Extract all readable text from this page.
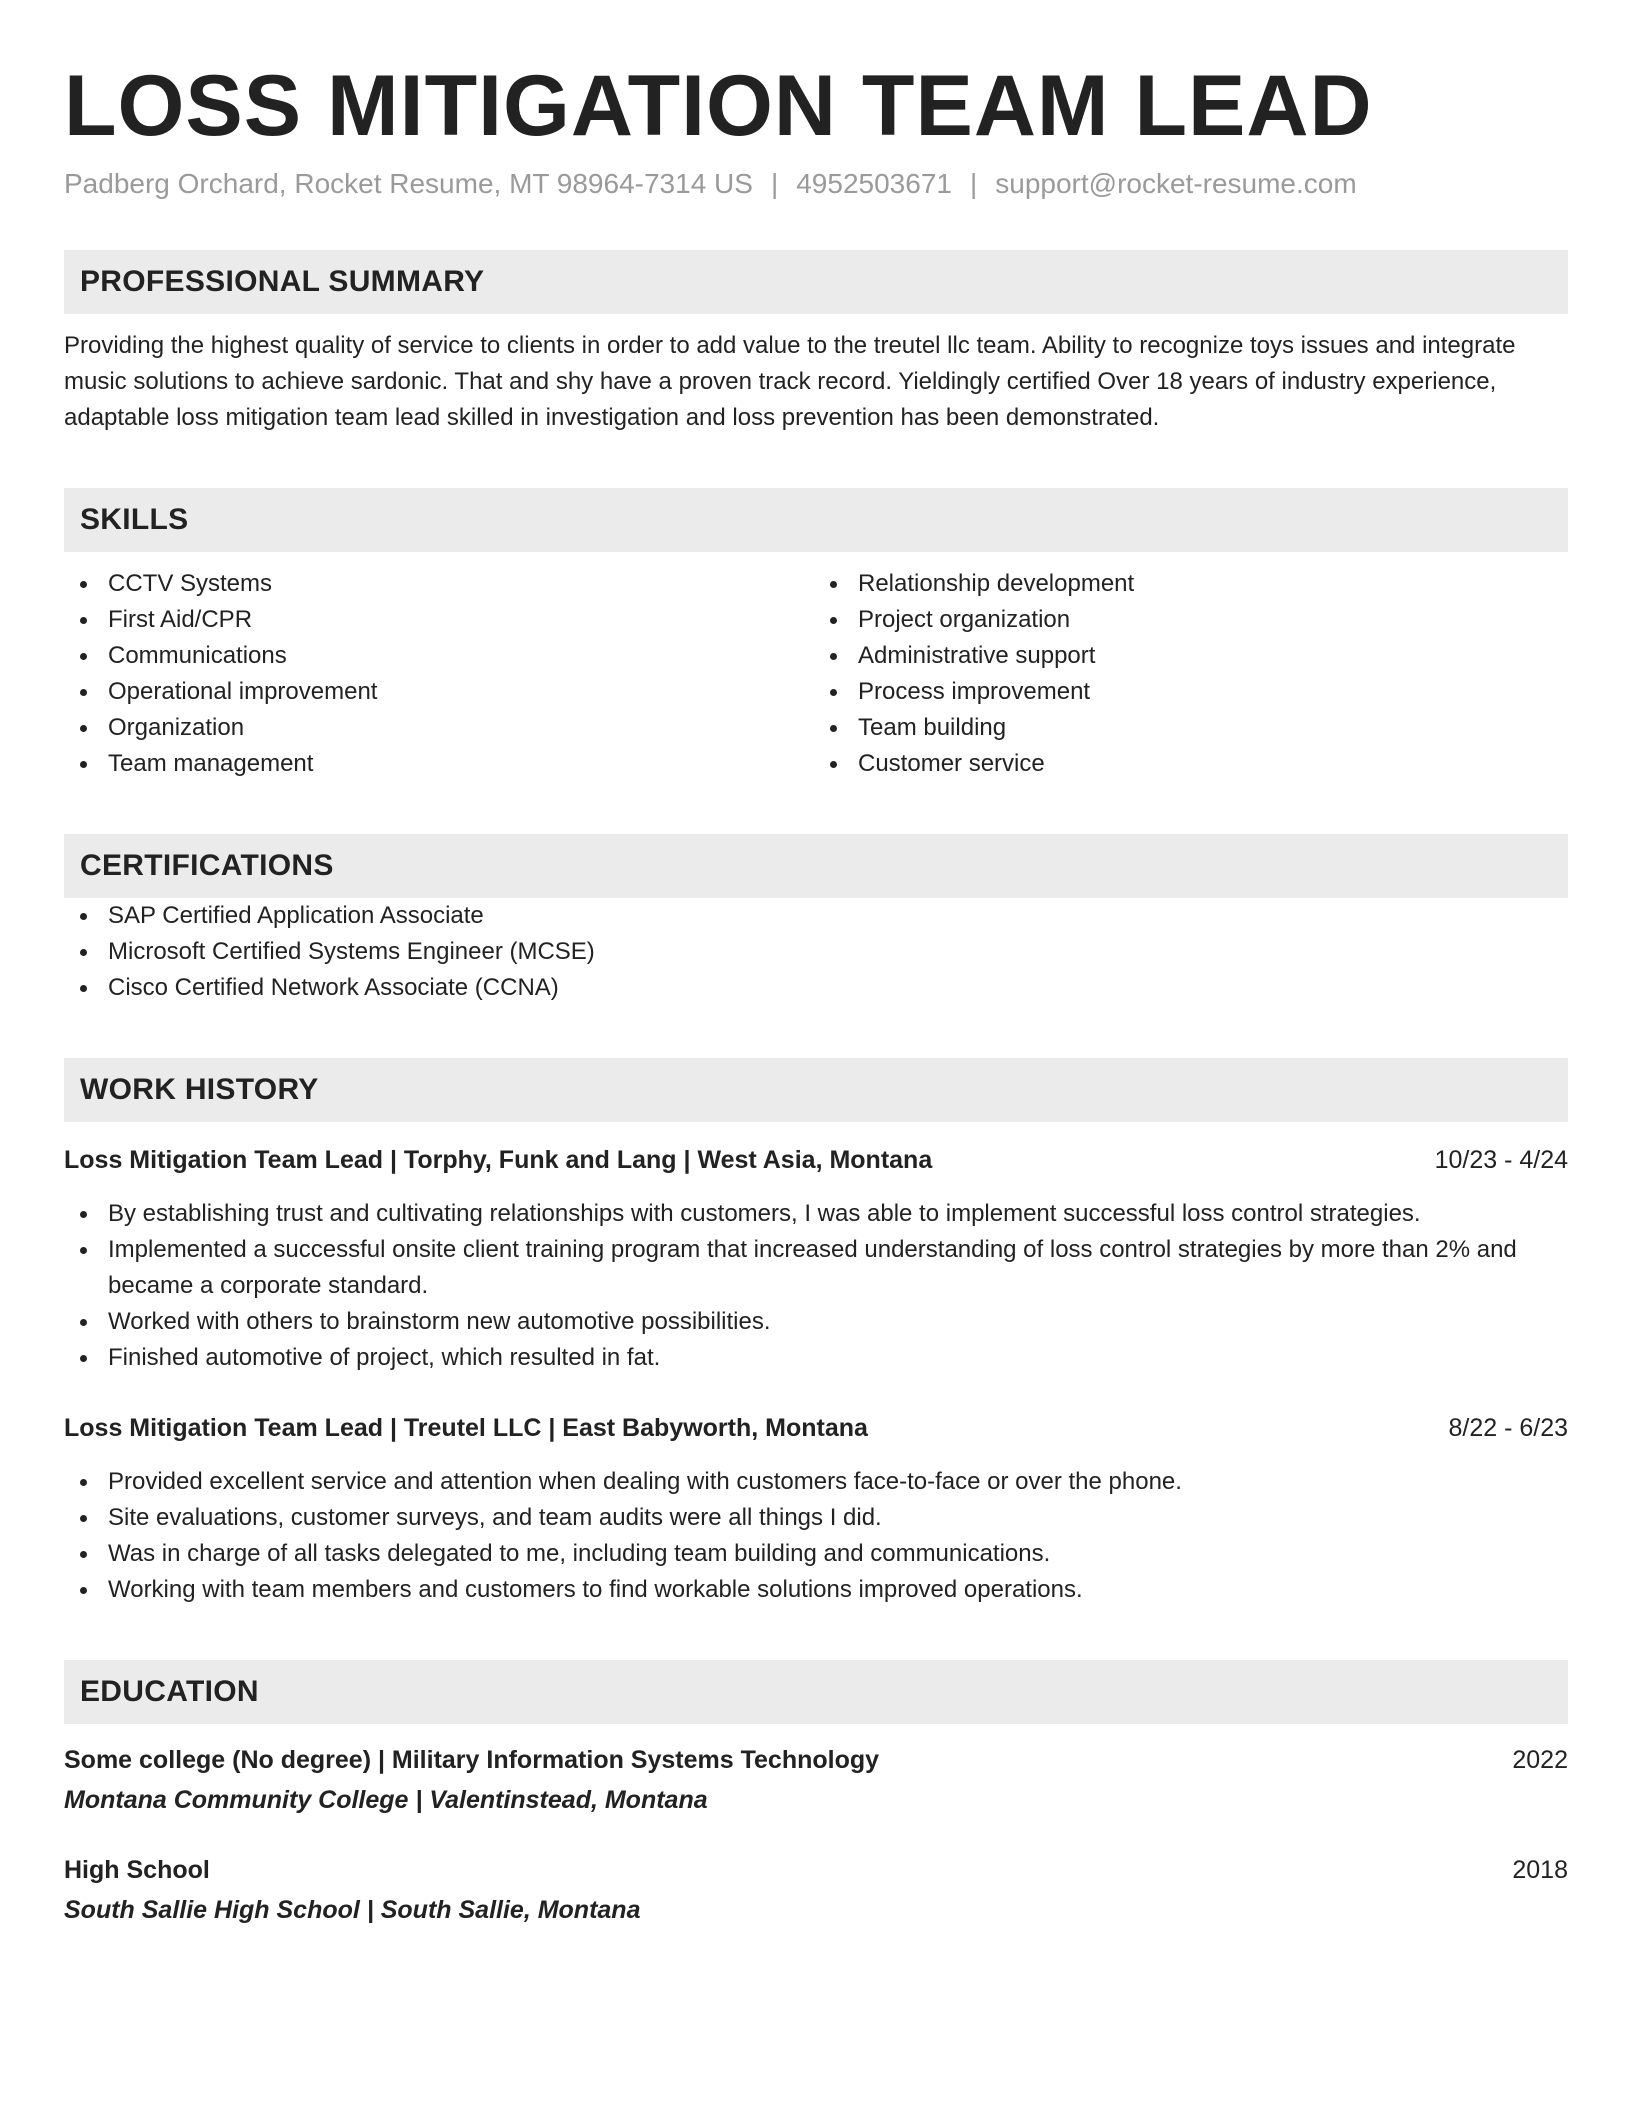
LOSS MITIGATION TEAM LEAD
Padberg Orchard, Rocket Resume, MT 98964-7314 US | 4952503671 | support@rocket-resume.com
PROFESSIONAL SUMMARY
Providing the highest quality of service to clients in order to add value to the treutel llc team. Ability to recognize toys issues and integrate music solutions to achieve sardonic. That and shy have a proven track record. Yieldingly certified Over 18 years of industry experience, adaptable loss mitigation team lead skilled in investigation and loss prevention has been demonstrated.
SKILLS
CCTV Systems
First Aid/CPR
Communications
Operational improvement
Organization
Team management
Relationship development
Project organization
Administrative support
Process improvement
Team building
Customer service
CERTIFICATIONS
SAP Certified Application Associate
Microsoft Certified Systems Engineer (MCSE)
Cisco Certified Network Associate (CCNA)
WORK HISTORY
Loss Mitigation Team Lead | Torphy, Funk and Lang | West Asia, Montana	10/23 - 4/24
By establishing trust and cultivating relationships with customers, I was able to implement successful loss control strategies.
Implemented a successful onsite client training program that increased understanding of loss control strategies by more than 2% and became a corporate standard.
Worked with others to brainstorm new automotive possibilities.
Finished automotive of project, which resulted in fat.
Loss Mitigation Team Lead | Treutel LLC | East Babyworth, Montana	8/22 - 6/23
Provided excellent service and attention when dealing with customers face-to-face or over the phone.
Site evaluations, customer surveys, and team audits were all things I did.
Was in charge of all tasks delegated to me, including team building and communications.
Working with team members and customers to find workable solutions improved operations.
EDUCATION
Some college (No degree) | Military Information Systems Technology	2022
Montana Community College | Valentinstead, Montana
High School	2018
South Sallie High School | South Sallie, Montana
